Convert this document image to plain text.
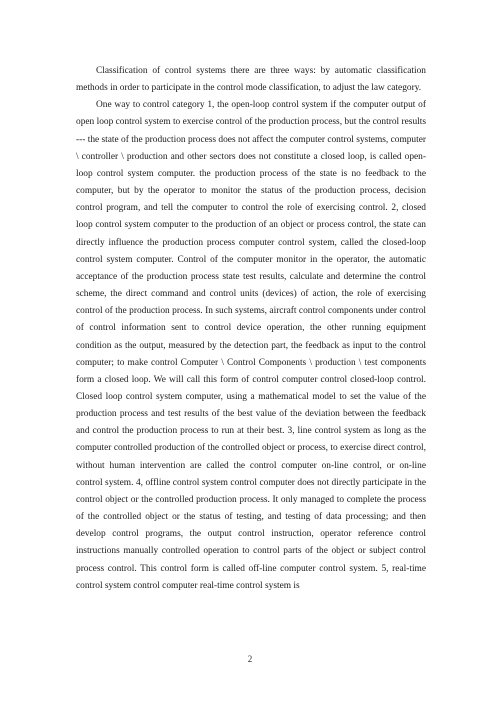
Classification of control systems there are three ways: by automatic classification methods in order to participate in the control mode classification, to adjust the law category.

One way to control category 1, the open-loop control system if the computer output of open loop control system to exercise control of the production process, but the control results --- the state of the production process does not affect the computer control systems, computer \ controller \ production and other sectors does not constitute a closed loop, is called open-loop control system computer. the production process of the state is no feedback to the computer, but by the operator to monitor the status of the production process, decision control program, and tell the computer to control the role of exercising control. 2, closed loop control system computer to the production of an object or process control, the state can directly influence the production process computer control system, called the closed-loop control system computer. Control of the computer monitor in the operator, the automatic acceptance of the production process state test results, calculate and determine the control scheme, the direct command and control units (devices) of action, the role of exercising control of the production process. In such systems, aircraft control components under control of control information sent to control device operation, the other running equipment condition as the output, measured by the detection part, the feedback as input to the control computer; to make control Computer \ Control Components \ production \ test components form a closed loop. We will call this form of control computer control closed-loop control. Closed loop control system computer, using a mathematical model to set the value of the production process and test results of the best value of the deviation between the feedback and control the production process to run at their best. 3, line control system as long as the computer controlled production of the controlled object or process, to exercise direct control, without human intervention are called the control computer on-line control, or on-line control system. 4, offline control system control computer does not directly participate in the control object or the controlled production process. It only managed to complete the process of the controlled object or the status of testing, and testing of data processing; and then develop control programs, the output control instruction, operator reference control instructions manually controlled operation to control parts of the object or subject control process control. This control form is called off-line computer control system. 5, real-time control system control computer real-time control system is

2
